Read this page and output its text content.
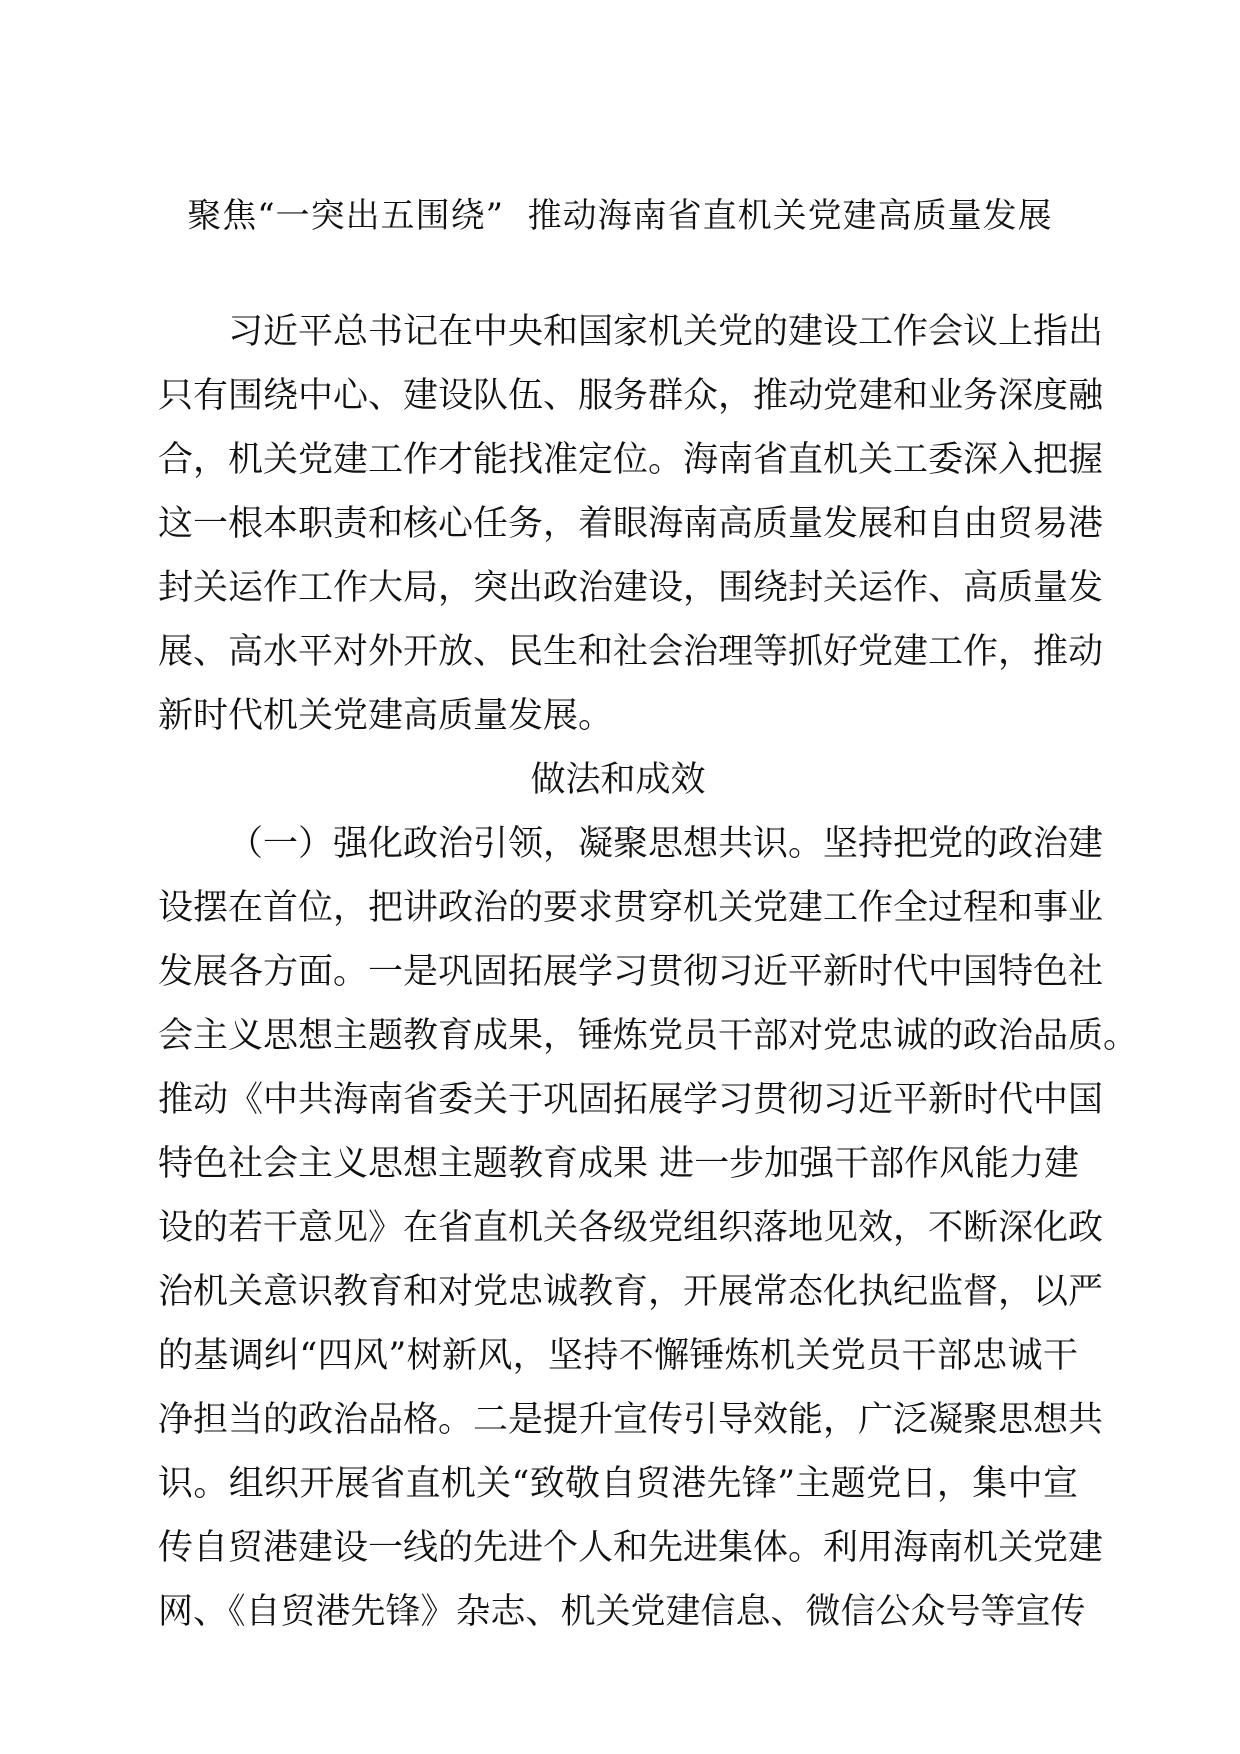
聚焦“一突出五围绕”  推动海南省直机关党建高质量发展
习近平总书记在中央和国家机关党的建设工作会议上指出
只有围绕中心、建设队伍、服务群众，推动党建和业务深度融
合，机关党建工作才能找准定位。海南省直机关工委深入把握
这一根本职责和核心任务，着眼海南高质量发展和自由贸易港
封关运作工作大局，突出政治建设，围绕封关运作、高质量发
展、高水平对外开放、民生和社会治理等抓好党建工作，推动
新时代机关党建高质量发展。
做法和成效
（一）强化政治引领，凝聚思想共识。坚持把党的政治建
设摆在首位，把讲政治的要求贯穿机关党建工作全过程和事业
发展各方面。一是巩固拓展学习贯彻习近平新时代中国特色社
会主义思想主题教育成果，锤炼党员干部对党忠诚的政治品质。
推动《中共海南省委关于巩固拓展学习贯彻习近平新时代中国
特色社会主义思想主题教育成果 进一步加强干部作风能力建
设的若干意见》在省直机关各级党组织落地见效，不断深化政
治机关意识教育和对党忠诚教育，开展常态化执纪监督，以严
的基调纠“四风”树新风，坚持不懈锤炼机关党员干部忠诚干
净担当的政治品格。二是提升宣传引导效能，广泛凝聚思想共
识。组织开展省直机关“致敬自贸港先锋”主题党日，集中宣
传自贸港建设一线的先进个人和先进集体。利用海南机关党建
网、《自贸港先锋》杂志、机关党建信息、微信公众号等宣传
